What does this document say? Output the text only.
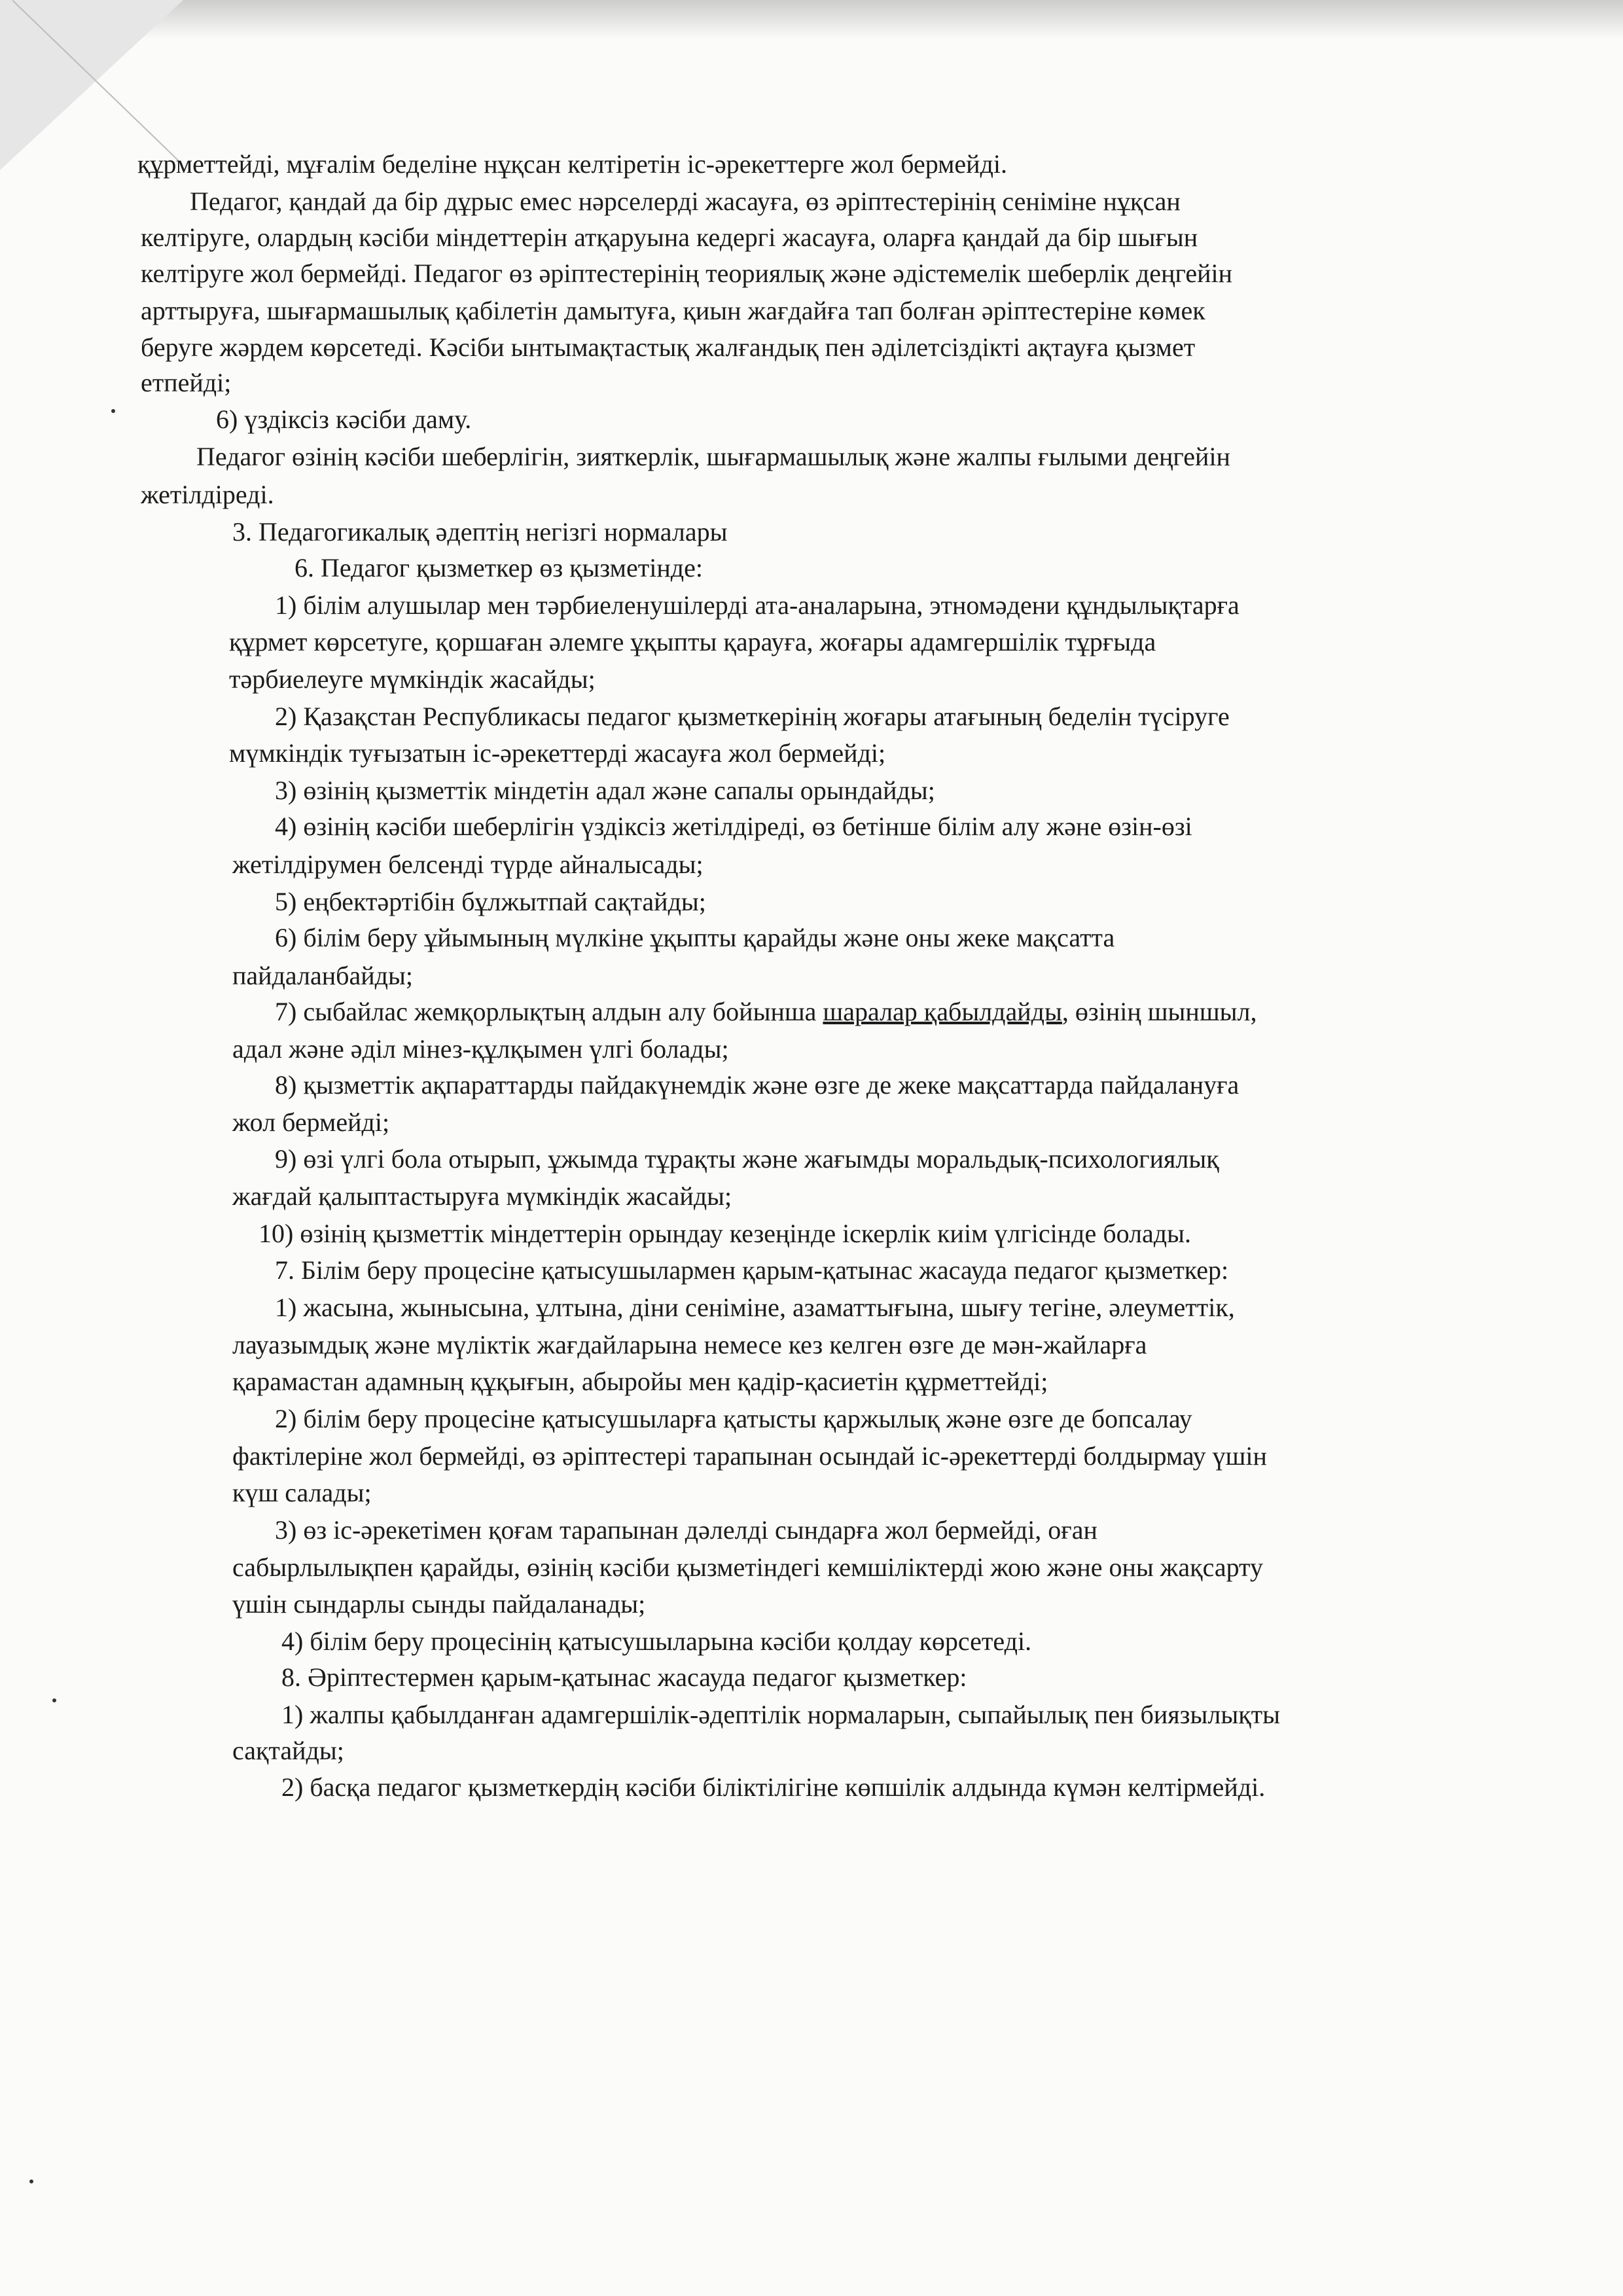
құрметтейді, мұғалім беделіне нұқсан келтіретін іс-әрекеттерге жол бермейді.
Педагог, қандай да бір дұрыс емес нәрселерді жасауға, өз әріптестерінің сеніміне нұқсан
келтіруге, олардың кәсіби міндеттерін атқаруына кедергі жасауға, оларға қандай да бір шығын
келтіруге жол бермейді. Педагог өз әріптестерінің теориялық және әдістемелік шеберлік деңгейін
арттыруға, шығармашылық қабілетін дамытуға, қиын жағдайға тап болған әріптестеріне көмек
беруге жәрдем көрсетеді. Кәсіби ынтымақтастық жалғандық пен әділетсіздікті ақтауға қызмет
етпейді;
6) үздіксіз кәсіби даму.
Педагог өзінің кәсіби шеберлігін, зияткерлік, шығармашылық және жалпы ғылыми деңгейін
жетілдіреді.
3. Педагогикалық әдептің негізгі нормалары
6. Педагог қызметкер өз қызметінде:
1) білім алушылар мен тәрбиеленушілерді ата-аналарына, этномәдени құндылықтарға
құрмет көрсетуге, қоршаған әлемге ұқыпты қарауға, жоғары адамгершілік тұрғыда
тәрбиелеуге мүмкіндік жасайды;
2) Қазақстан Республикасы педагог қызметкерінің жоғары атағының беделін түсіруге
мүмкіндік туғызатын іс-әрекеттерді жасауға жол бермейді;
3) өзінің қызметтік міндетін адал және сапалы орындайды;
4) өзінің кәсіби шеберлігін үздіксіз жетілдіреді, өз бетінше білім алу және өзін-өзі
жетілдірумен белсенді түрде айналысады;
5) еңбектәртібін бұлжытпай сақтайды;
6) білім беру ұйымының мүлкіне ұқыпты қарайды және оны жеке мақсатта
пайдаланбайды;
7) сыбайлас жемқорлықтың алдын алу бойынша шаралар қабылдайды, өзінің шыншыл,
адал және әділ мінез-құлқымен үлгі болады;
8) қызметтік ақпараттарды пайдакүнемдік және өзге де жеке мақсаттарда пайдалануға
жол бермейді;
9) өзі үлгі бола отырып, ұжымда тұрақты және жағымды моральдық-психологиялық
жағдай қалыптастыруға мүмкіндік жасайды;
10) өзінің қызметтік міндеттерін орындау кезеңінде іскерлік киім үлгісінде болады.
7. Білім беру процесіне қатысушылармен қарым-қатынас жасауда педагог қызметкер:
1) жасына, жынысына, ұлтына, діни сеніміне, азаматтығына, шығу тегіне, әлеуметтік,
лауазымдық және мүліктік жағдайларына немесе кез келген өзге де мән-жайларға
қарамастан адамның құқығын, абыройы мен қадір-қасиетін құрметтейді;
2) білім беру процесіне қатысушыларға қатысты қаржылық және өзге де бопсалау
фактілеріне жол бермейді, өз әріптестері тарапынан осындай іс-әрекеттерді болдырмау үшін
күш салады;
3) өз іс-әрекетімен қоғам тарапынан дәлелді сындарға жол бермейді, оған
сабырлылықпен қарайды, өзінің кәсіби қызметіндегі кемшіліктерді жою және оны жақсарту
үшін сындарлы сынды пайдаланады;
4) білім беру процесінің қатысушыларына кәсіби қолдау көрсетеді.
8. Әріптестермен қарым-қатынас жасауда педагог қызметкер:
1) жалпы қабылданған адамгершілік-әдептілік нормаларын, сыпайылық пен биязылықты
сақтайды;
2) басқа педагог қызметкердің кәсіби біліктілігіне көпшілік алдында күмән келтірмейді.
